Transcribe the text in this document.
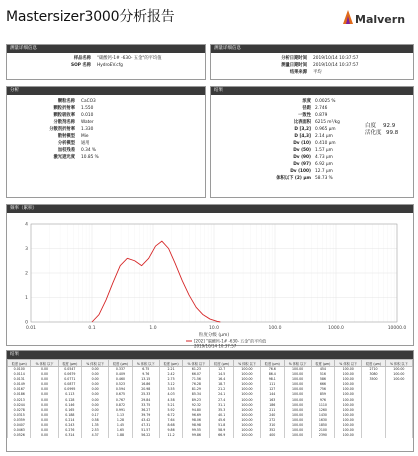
Mastersizer3000分析报告	Malvern
测量详细信息
样品名称 "碳酸钙-1# -630- 五金"的平均值
SOP 名称 HydroEV.cfg
测量详细信息
分析日期时间 2019/10/14 10:37:57
测量日期时间 2019/10/14 10:37:57
结果来源 平均
分析
颗粒名称 CaCO3
颗粒折射率 1.550
颗粒吸收率 0.010
分散剂名称 Water
分散剂折射率 1.330
散射模型 Mie
分析模型 通用
加权残差 0.34 %
激光遮光度 10.85 %
结果
浓度 0.0025 %
径距 2.746
一致性 0.879
比表面积 6215 m²/kg
D [3,2] 0.965 μm
D [4,3] 2.14 μm
Dv (10) 0.410 μm
Dv (50) 1.57 μm
Dv (90) 4.73 μm
Dv (97) 6.92 μm
Dv (100) 12.7 μm
体积以下 (2) μm 58.73 %
白度 92.9
活化度 99.8
频率（累积）
0
1
2
3
4
0.01	0.1	1.0	10.0	100.0	1000.0	10000.0
粒度分级 (μm)
[202] "碳酸钙-1# -630- 五金"的平均值
2019/10/14 10:37:57
结果
粒度 (μm)	% 体积 以下	粒度 (μm)	% 体积 以下	粒度 (μm)	% 体积 以下	粒度 (μm)	% 体积 以下	粒度 (μm)	% 体积 以下	粒度 (μm)	% 体积 以下	粒度 (μm)	% 体积 以下	粒度 (μm)	% 体积 以下
0.0100	0.00	0.0547	0.00	0.337	6.75	2.21	61.23	12.7	100.00	76.6	100.00	454	100.00	2710	100.00
0.0114	0.00	0.0679	0.00	0.409	9.76	2.42	66.07	14.5	100.00	86.4	100.00	516	100.00	3080	100.00
0.0131	0.00	0.0771	0.00	0.460	13.15	2.75	71.56	16.4	100.00	98.1	100.00	586	100.00	3500	100.00
0.0149	0.00	0.0877	0.00	0.523	16.86	3.12	76.28	18.7	100.00	111	100.00	666	100.00		
0.0167	0.00	0.0995	0.00	0.594	20.98	3.55	81.29	21.2	100.00	127	100.00	756	100.00		
0.0186	0.00	0.113	0.00	0.675	25.33	4.03	85.34	24.1	100.00	144	100.00	859	100.00		
0.0213	0.00	0.128	0.00	0.767	29.84	4.58	89.23	27.4	100.00	163	100.00	976	100.00		
0.0244	0.00	0.146	0.00	0.872	33.75	5.21	92.32	31.1	100.00	186	100.00	1110	100.00		
0.0278	0.00	0.165	0.00	0.991	36.27	5.92	94.80	35.3	100.00	211	100.00	1260	100.00		
0.0315	0.00	0.188	0.17	1.13	39.79	6.72	96.69	40.1	100.00	240	100.00	1430	100.00		
0.0359	0.00	0.214	0.58	1.28	43.42	7.64	98.06	45.6	100.00	272	100.00	1630	100.00		
0.0407	0.00	0.243	1.35	1.45	47.31	8.68	98.98	51.8	100.00	310	100.00	1850	100.00		
0.0463	0.00	0.276	2.53	1.65	51.57	9.86	99.55	58.9	100.00	352	100.00	2100	100.00		
0.0526	0.00	0.314	4.37	1.88	56.22	11.2	99.86	66.9	100.00	400	100.00	2390	100.00		
